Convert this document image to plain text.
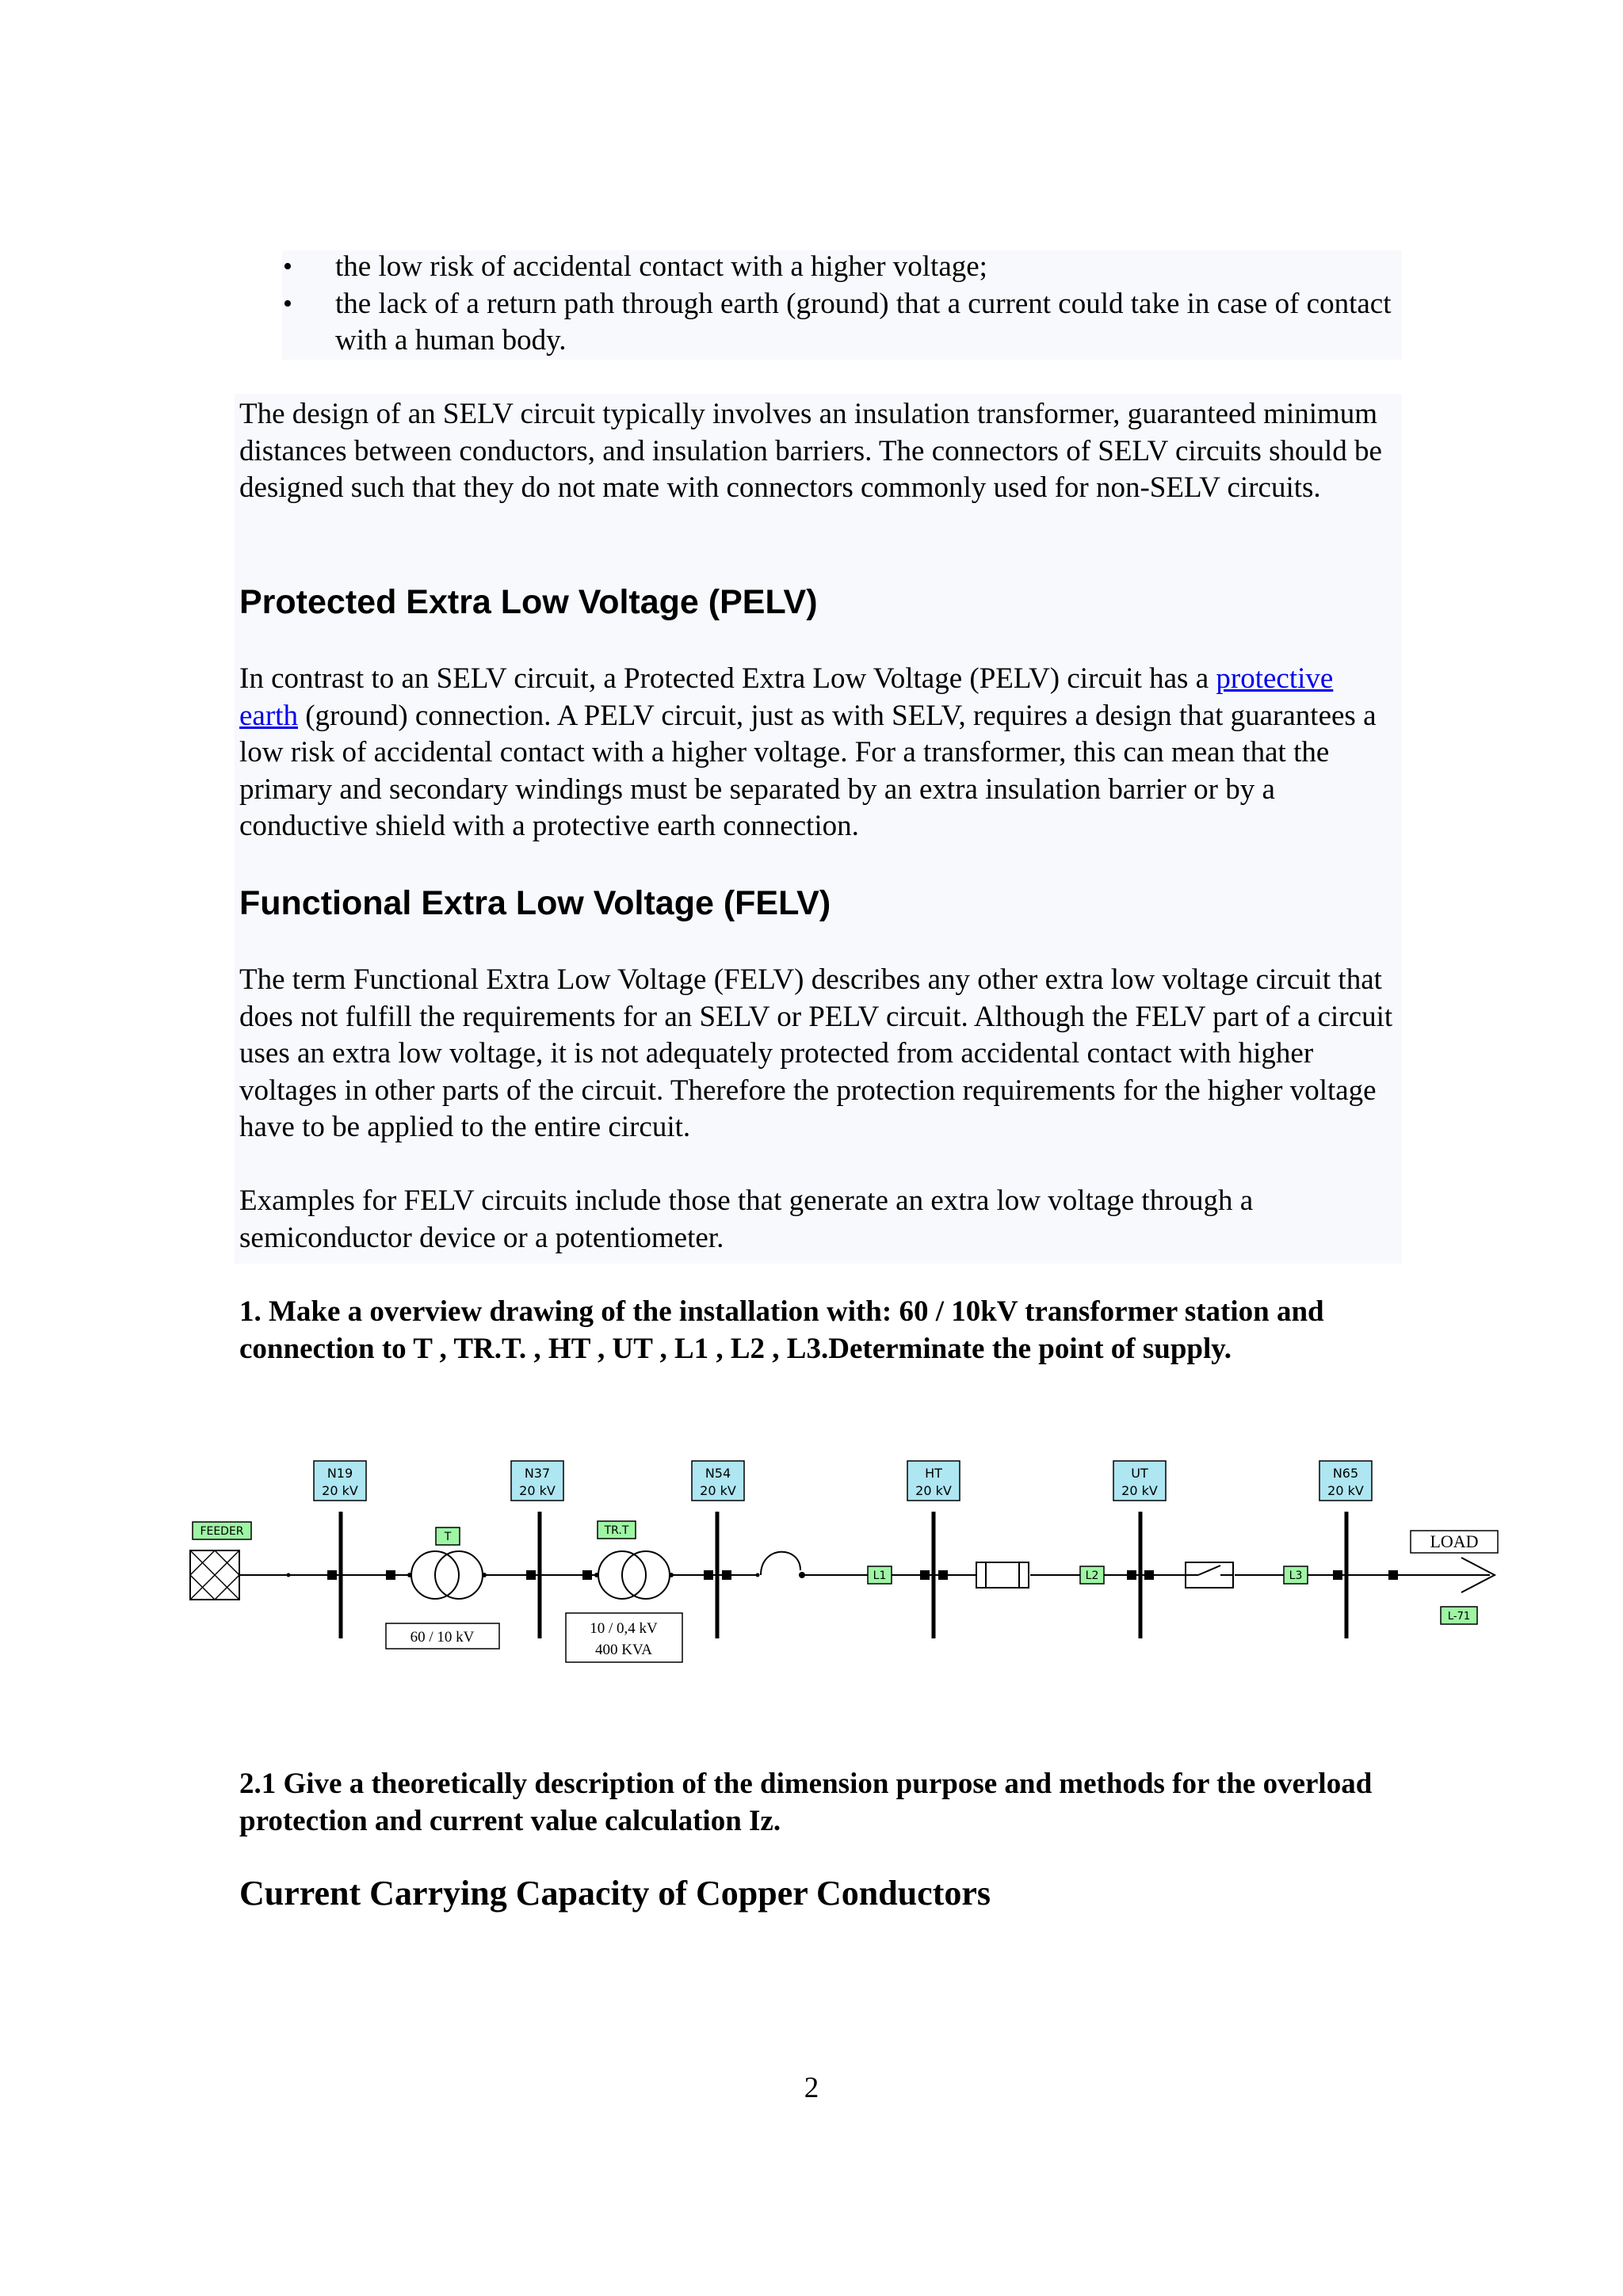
•	the low risk of accidental contact with a higher voltage;
•	the lack of a return path through earth (ground) that a current could take in case of contact with a human body.
The design of an SELV circuit typically involves an insulation transformer, guaranteed minimum distances between conductors, and insulation barriers. The connectors of SELV circuits should be designed such that they do not mate with connectors commonly used for non-SELV circuits.
Protected Extra Low Voltage (PELV)
In contrast to an SELV circuit, a Protected Extra Low Voltage (PELV) circuit has a protective earth (ground) connection. A PELV circuit, just as with SELV, requires a design that guarantees a low risk of accidental contact with a higher voltage. For a transformer, this can mean that the primary and secondary windings must be separated by an extra insulation barrier or by a conductive shield with a protective earth connection.
Functional Extra Low Voltage (FELV)
The term Functional Extra Low Voltage (FELV) describes any other extra low voltage circuit that does not fulfill the requirements for an SELV or PELV circuit. Although the FELV part of a circuit uses an extra low voltage, it is not adequately protected from accidental contact with higher voltages in other parts of the circuit. Therefore the protection requirements for the higher voltage have to be applied to the entire circuit.
Examples for FELV circuits include those that generate an extra low voltage through a semiconductor device or a potentiometer.
1. Make a overview drawing of the installation with: 60 / 10kV transformer station and connection to T , TR.T. , HT , UT , L1 , L2 , L3.Determinate the point of supply.
FEEDER
N19
20 kV
N37
20 kV
N54
20 kV
HT
20 kV
UT
20 kV
N65
20 kV
T
60 / 10 kV
TR.T
10 / 0,4 kV
400 KVA
L1	L2	L3
LOAD
L-71
2.1 Give a theoretically description of the dimension purpose and methods for the overload protection and current value calculation Iz.
Current Carrying Capacity of Copper Conductors
2
